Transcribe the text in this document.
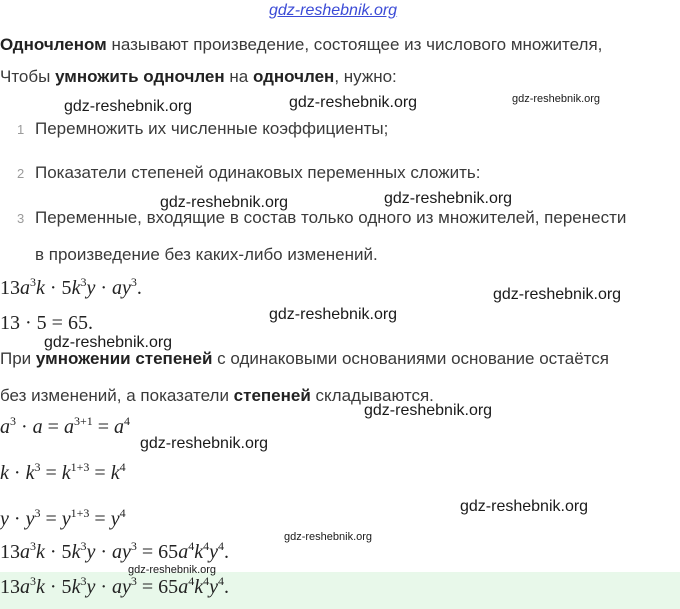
gdz-reshebnik.org
Одночленом называют произведение, состоящее из числового множителя,
Чтобы умножить одночлен на одночлен, нужно:
1 Перемножить их численные коэффициенты;
2 Показатели степеней одинаковых переменных сложить:
3 Переменные, входящие в состав только одного из множителей, перенести
в произведение без каких-либо изменений.
$13a^3k \cdot 5k^3y \cdot ay^3$.
13 · 5 = 65.
При умножении степеней с одинаковыми основаниями основание остаётся
без изменений, а показатели степеней складываются.
$a^3 \cdot a = a^{3+1} = a^4$
$k \cdot k^3 = k^{1+3} = k^4$
$y \cdot y^3 = y^{1+3} = y^4$
$13a^3k \cdot 5k^3y \cdot ay^3 = 65a^4k^4y^4$.
$13a^3k \cdot 5k^3y \cdot ay^3 = 65a^4k^4y^4$.
gdz-reshebnik.org	gdz-reshebnik.org	gdz-reshebnik.org
gdz-reshebnik.org	gdz-reshebnik.org
gdz-reshebnik.org
gdz-reshebnik.org
gdz-reshebnik.org
gdz-reshebnik.org
gdz-reshebnik.org
gdz-reshebnik.org
gdz-reshebnik.org
gdz-reshebnik.org
